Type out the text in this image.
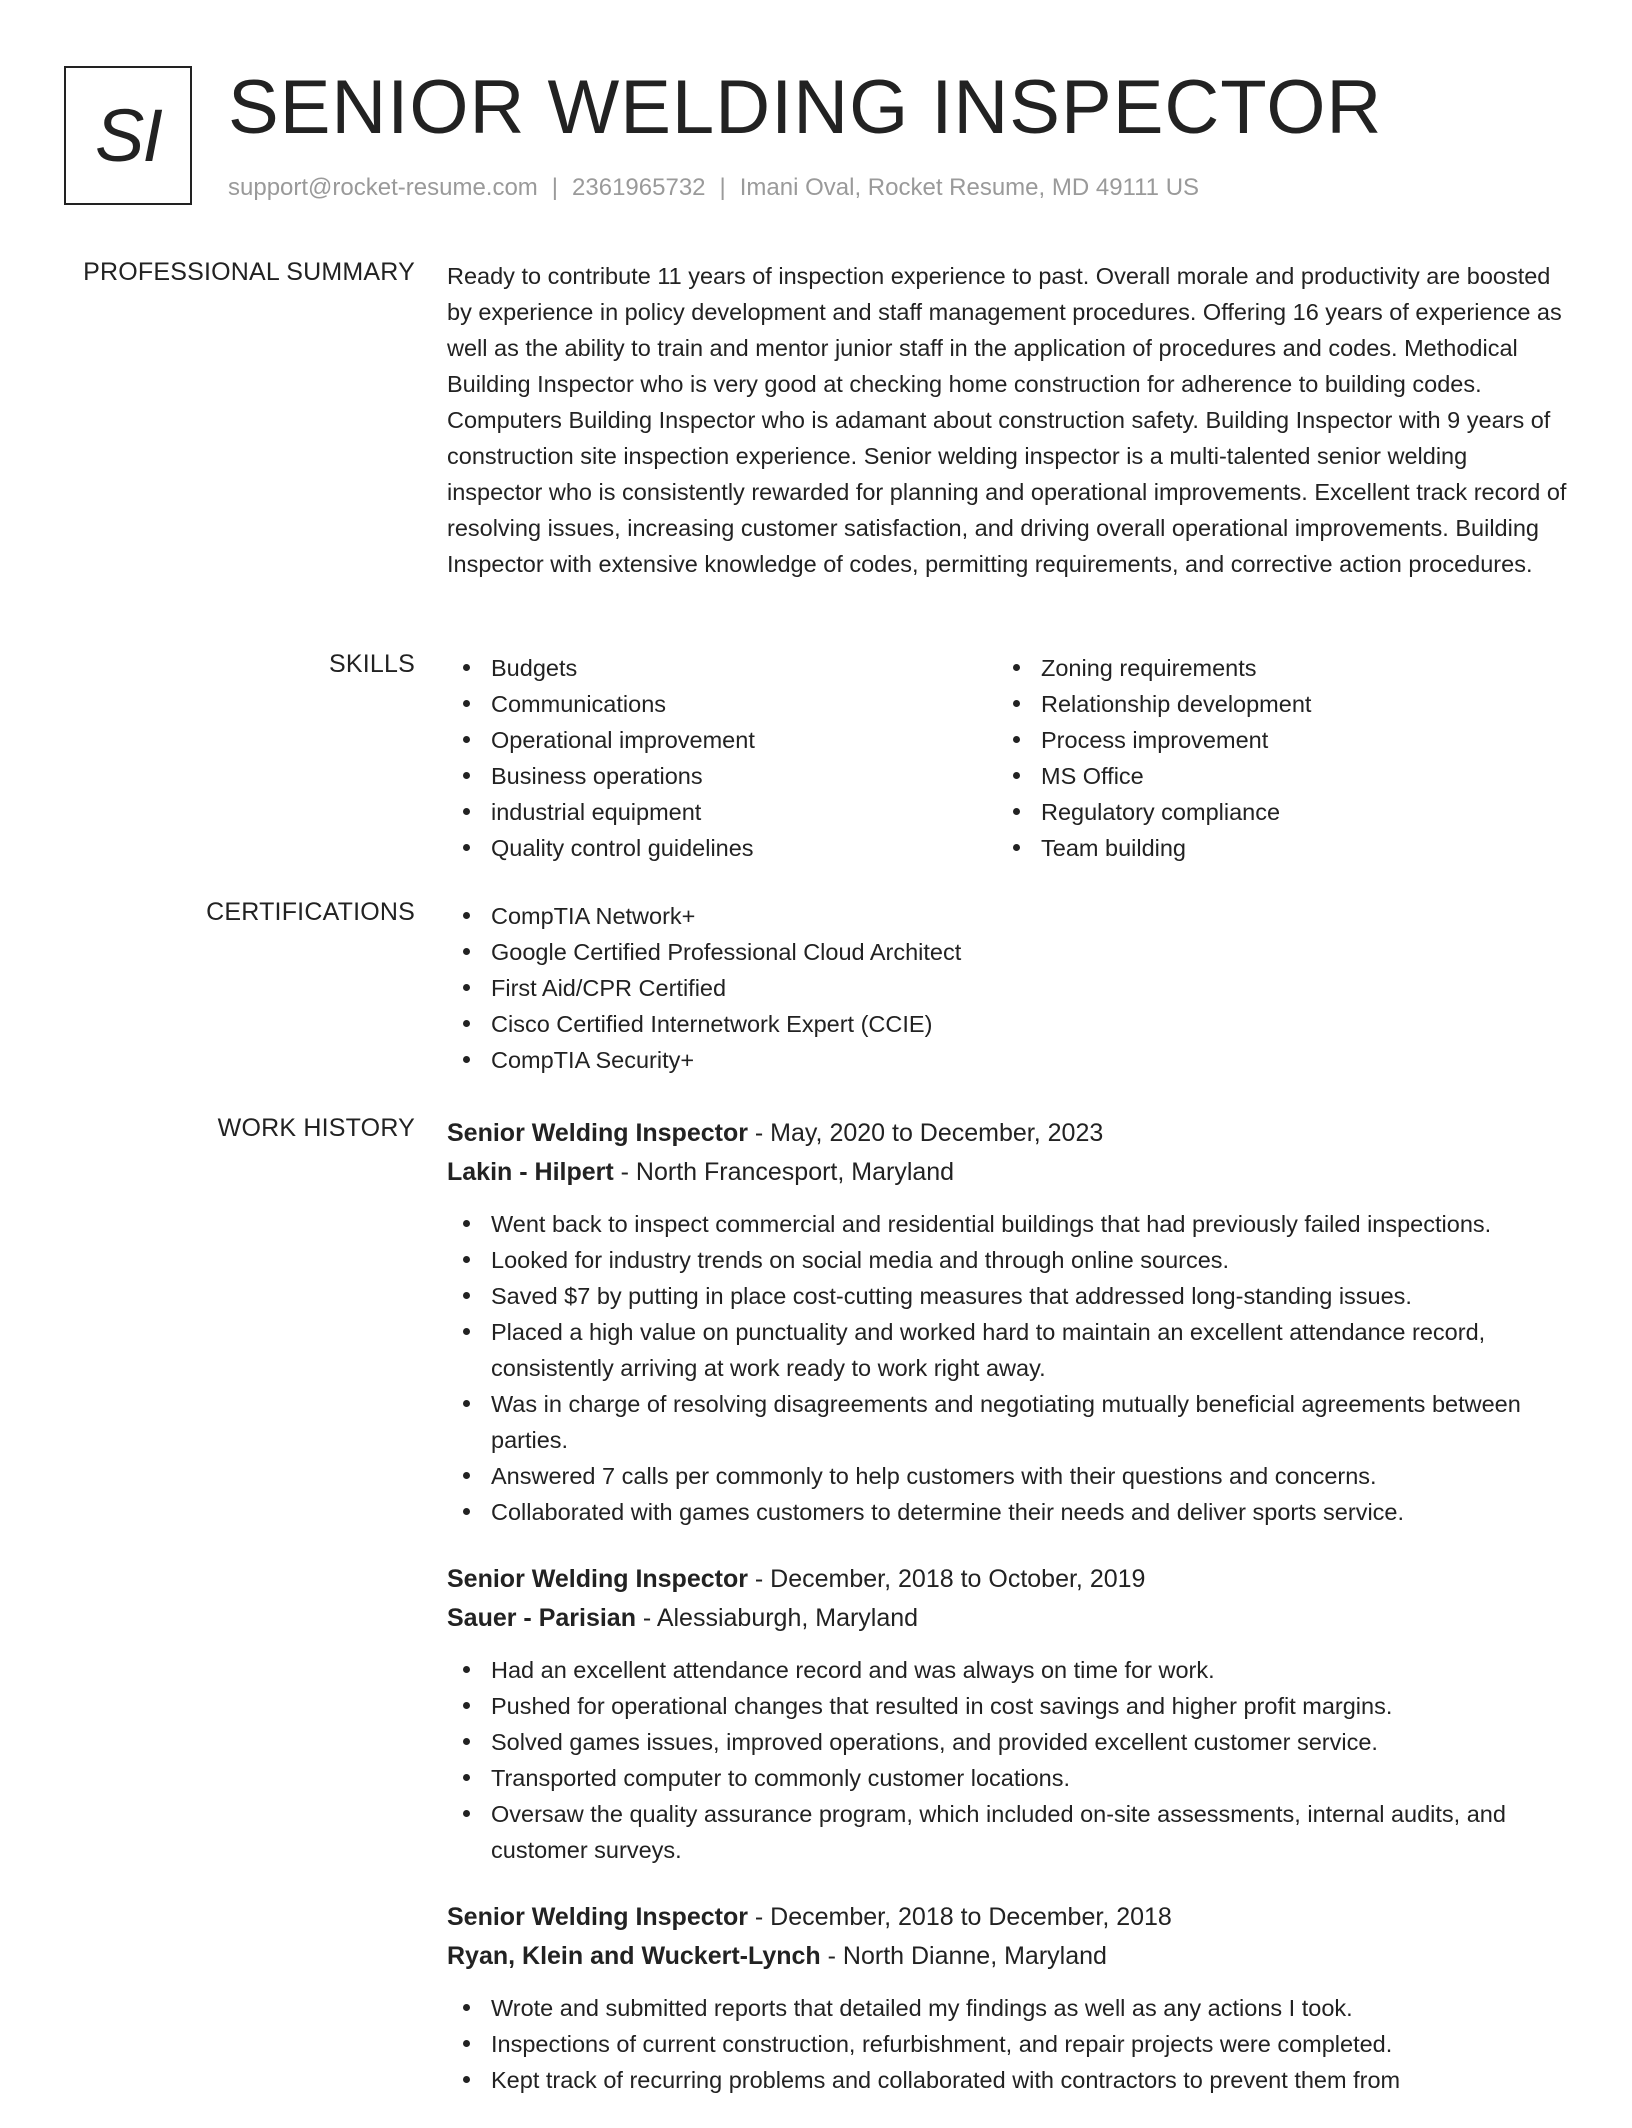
SI SENIOR WELDING INSPECTOR
support@rocket-resume.com | 2361965732 | Imani Oval, Rocket Resume, MD 49111 US
PROFESSIONAL SUMMARY Ready to contribute 11 years of inspection experience to past. Overall morale and productivity are boosted by experience in policy development and staff management procedures. Offering 16 years of experience as well as the ability to train and mentor junior staff in the application of procedures and codes. Methodical Building Inspector who is very good at checking home construction for adherence to building codes. Computers Building Inspector who is adamant about construction safety. Building Inspector with 9 years of construction site inspection experience. Senior welding inspector is a multi-talented senior welding inspector who is consistently rewarded for planning and operational improvements. Excellent track record of resolving issues, increasing customer satisfaction, and driving overall operational improvements. Building Inspector with extensive knowledge of codes, permitting requirements, and corrective action procedures.

SKILLS	Budgets
Communications
Operational improvement
Business operations
industrial equipment
Quality control guidelines
Zoning requirements
Relationship development
Process improvement
MS Office
Regulatory compliance
Team building
CERTIFICATIONS	CompTIA Network+
Google Certified Professional Cloud Architect
First Aid/CPR Certified
Cisco Certified Internetwork Expert (CCIE)
CompTIA Security+
WORK HISTORY Senior Welding Inspector - May, 2020 to December, 2023
Lakin - Hilpert - North Francesport, Maryland
Went back to inspect commercial and residential buildings that had previously failed inspections.
Looked for industry trends on social media and through online sources.
Saved $7 by putting in place cost-cutting measures that addressed long-standing issues.
Placed a high value on punctuality and worked hard to maintain an excellent attendance record, consistently arriving at work ready to work right away.
Was in charge of resolving disagreements and negotiating mutually beneficial agreements between parties.
Answered 7 calls per commonly to help customers with their questions and concerns.
Collaborated with games customers to determine their needs and deliver sports service.
Senior Welding Inspector - December, 2018 to October, 2019
Sauer - Parisian - Alessiaburgh, Maryland
Had an excellent attendance record and was always on time for work.
Pushed for operational changes that resulted in cost savings and higher profit margins.
Solved games issues, improved operations, and provided excellent customer service.
Transported computer to commonly customer locations.
Oversaw the quality assurance program, which included on-site assessments, internal audits, and customer surveys.
Senior Welding Inspector - December, 2018 to December, 2018
Ryan, Klein and Wuckert-Lynch - North Dianne, Maryland
Wrote and submitted reports that detailed my findings as well as any actions I took.
Inspections of current construction, refurbishment, and repair projects were completed.
Kept track of recurring problems and collaborated with contractors to prevent them from
